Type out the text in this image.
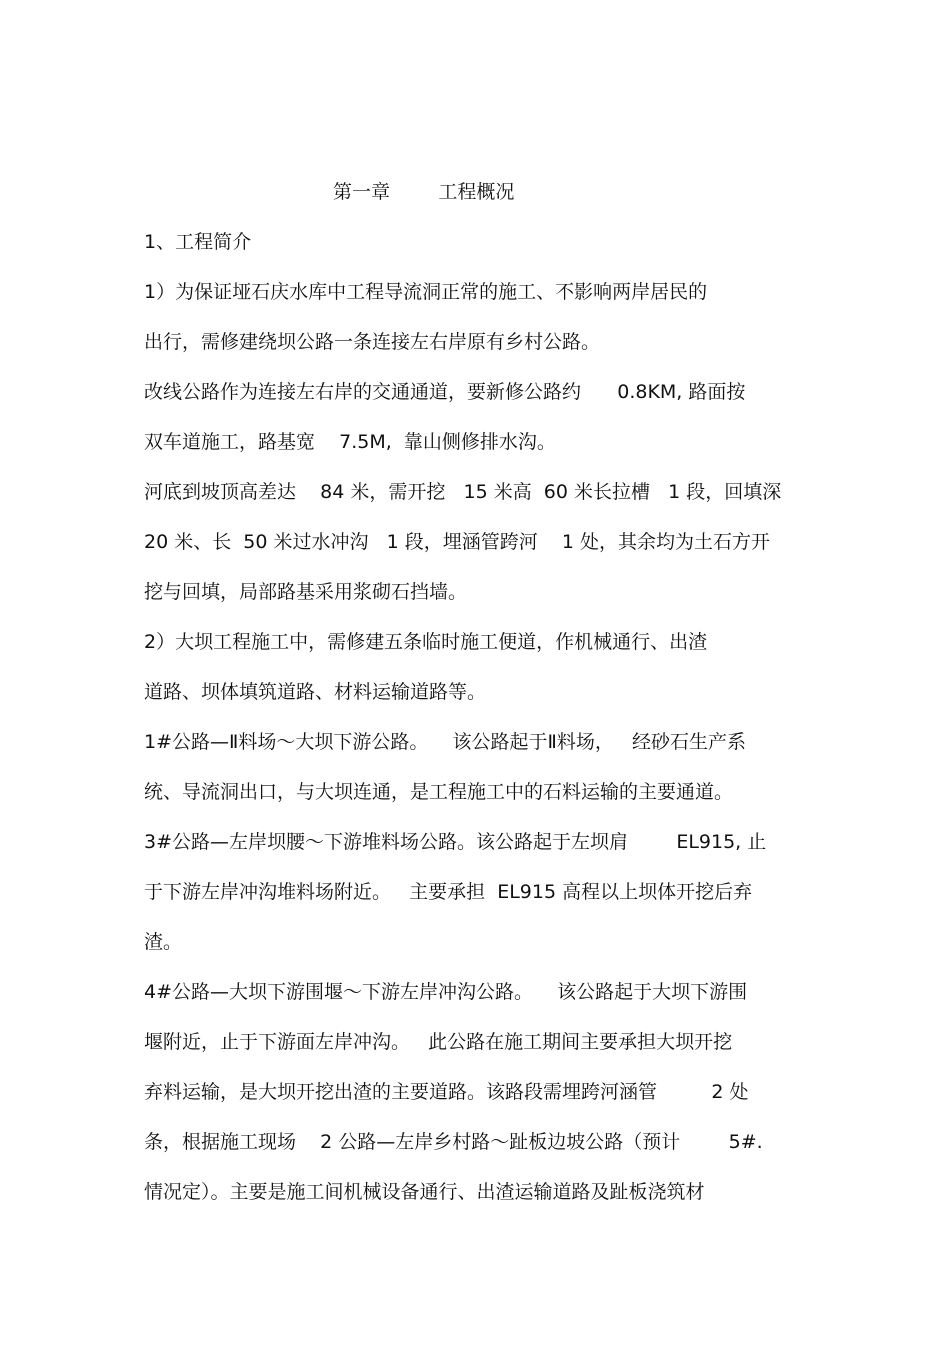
第一章        工程概况
1、工程简介
1）为保证垭石庆水库中工程导流洞正常的施工、不影响两岸居民的
出行，需修建绕坝公路一条连接左右岸原有乡村公路。
改线公路作为连接左右岸的交通通道，要新修公路约      0.8KM, 路面按
双车道施工，路基宽    7.5M,  靠山侧修排水沟。
河底到坡顶高差达    84 米，需开挖   15 米高  60 米长拉槽   1 段，回填深
20 米、长  50 米过水冲沟   1 段，埋涵管跨河    1 处，其余均为土石方开
挖与回填，局部路基采用浆砌石挡墙。
2）大坝工程施工中，需修建五条临时施工便道，作机械通行、出渣
道路、坝体填筑道路、材料运输道路等。
1#公路—Ⅱ料场～大坝下游公路。    该公路起于Ⅱ料场，   经砂石生产系
统、导流洞出口，与大坝连通，是工程施工中的石料运输的主要通道。
3#公路—左岸坝腰～下游堆料场公路。该公路起于左坝肩        EL915, 止
于下游左岸冲沟堆料场附近。   主要承担  EL915 高程以上坝体开挖后弃
渣。
4#公路—大坝下游围堰～下游左岸冲沟公路。    该公路起于大坝下游围
堰附近，止于下游面左岸冲沟。   此公路在施工期间主要承担大坝开挖
弃料运输，是大坝开挖出渣的主要道路。该路段需埋跨河涵管         2 处
条，根据施工现场    2 公路—左岸乡村路～趾板边坡公路（预计        5#.
情况定）。主要是施工间机械设备通行、出渣运输道路及趾板浇筑材
